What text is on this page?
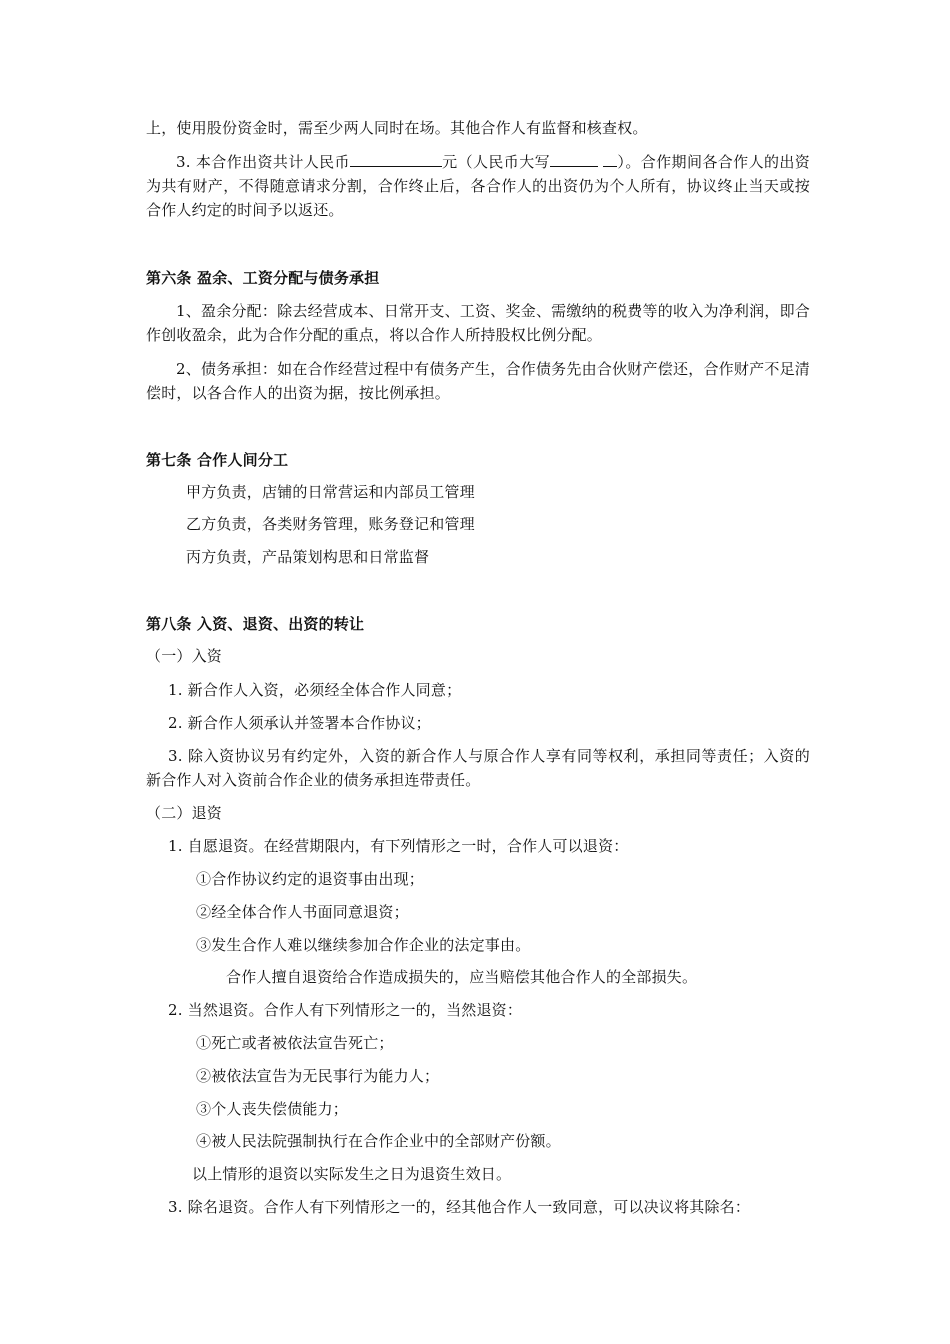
上，使用股份资金时，需至少两人同时在场。其他合作人有监督和核查权。
3. 本合作出资共计人民币	元（人民币大写	）。合作期间各合作人的出资为共有财产，不得随意请求分割，合作终止后，各合作人的出资仍为个人所有，协议终止当天或按合作人约定的时间予以返还。
第六条 盈余、工资分配与债务承担
1、盈余分配：除去经营成本、日常开支、工资、奖金、需缴纳的税费等的收入为净利润，即合作创收盈余，此为合作分配的重点，将以合作人所持股权比例分配。
2、债务承担：如在合作经营过程中有债务产生，合作债务先由合伙财产偿还，合作财产不足清偿时，以各合作人的出资为据，按比例承担。
第七条 合作人间分工
甲方负责，店铺的日常营运和内部员工管理
乙方负责，各类财务管理，账务登记和管理
丙方负责，产品策划构思和日常监督
第八条 入资、退资、出资的转让
（一）入资
1. 新合作人入资，必须经全体合作人同意；
2. 新合作人须承认并签署本合作协议；
3. 除入资协议另有约定外，入资的新合作人与原合作人享有同等权利，承担同等责任；入资的新合作人对入资前合作企业的债务承担连带责任。
（二）退资
1. 自愿退资。在经营期限内，有下列情形之一时，合作人可以退资：
①合作协议约定的退资事由出现；
②经全体合作人书面同意退资；
③发生合作人难以继续参加合作企业的法定事由。
合作人擅自退资给合作造成损失的，应当赔偿其他合作人的全部损失。
2. 当然退资。合作人有下列情形之一的，当然退资：
①死亡或者被依法宣告死亡；
②被依法宣告为无民事行为能力人；
③个人丧失偿债能力；
④被人民法院强制执行在合作企业中的全部财产份额。
以上情形的退资以实际发生之日为退资生效日。
3. 除名退资。合作人有下列情形之一的，经其他合作人一致同意，可以决议将其除名：
